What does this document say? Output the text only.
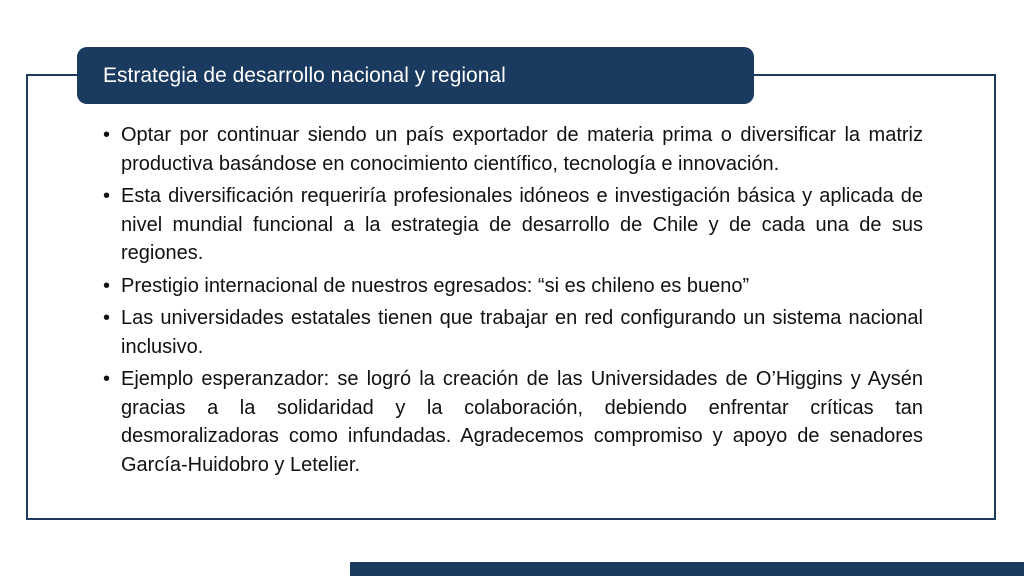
Estrategia de desarrollo nacional y regional
• Optar por continuar siendo un país exportador de materia prima o diversificar la matriz productiva basándose en conocimiento científico, tecnología e innovación.
• Esta diversificación requeriría profesionales idóneos e investigación básica y aplicada de nivel mundial funcional a la estrategia de desarrollo de Chile y de cada una de sus regiones.
• Prestigio internacional de nuestros egresados: “si es chileno es bueno”
• Las universidades estatales tienen que trabajar en red configurando un sistema nacional inclusivo.
• Ejemplo esperanzador: se logró la creación de las Universidades de O’Higgins y Aysén gracias a la solidaridad y la colaboración, debiendo enfrentar críticas tan desmoralizadoras como infundadas. Agradecemos compromiso y apoyo de senadores García-Huidobro y Letelier.
